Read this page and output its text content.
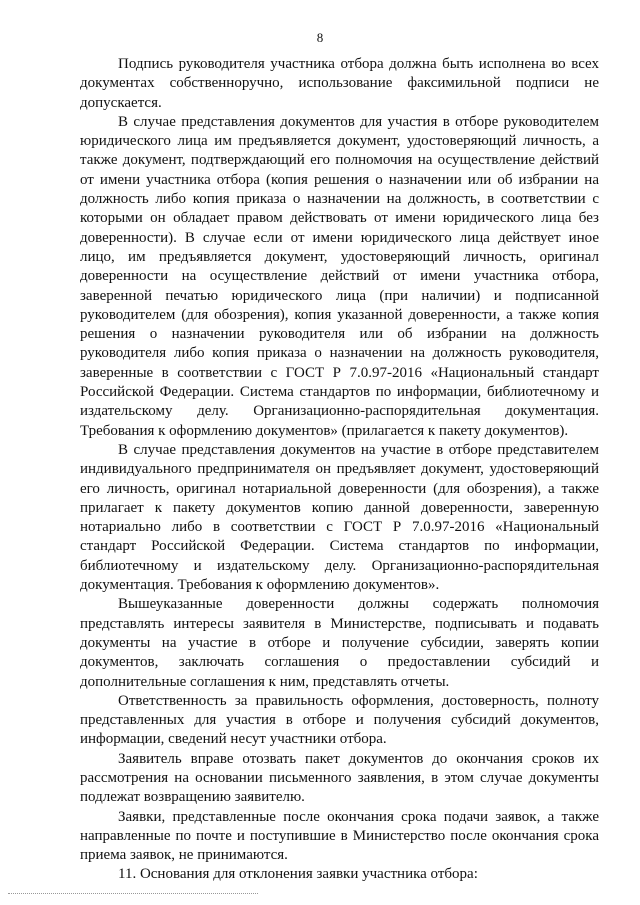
8

Подпись руководителя участника отбора должна быть исполнена во всех документах собственноручно, использование факсимильной подписи не допускается.

В случае представления документов для участия в отборе руководителем юридического лица им предъявляется документ, удостоверяющий личность, а также документ, подтверждающий его полномочия на осуществление действий от имени участника отбора (копия решения о назначении или об избрании на должность либо копия приказа о назначении на должность, в соответствии с которыми он обладает правом действовать от имени юридического лица без доверенности). В случае если от имени юридического лица действует иное лицо, им предъявляется документ, удостоверяющий личность, оригинал доверенности на осуществление действий от имени участника отбора, заверенной печатью юридического лица (при наличии) и подписанной руководителем (для обозрения), копия указанной доверенности, а также копия решения о назначении руководителя или об избрании на должность руководителя либо копия приказа о назначении на должность руководителя, заверенные в соответствии с ГОСТ Р 7.0.97-2016 «Национальный стандарт Российской Федерации. Система стандартов по информации, библиотечному и издательскому делу. Организационно-распорядительная документация. Требования к оформлению документов» (прилагается к пакету документов).

В случае представления документов на участие в отборе представителем индивидуального предпринимателя он предъявляет документ, удостоверяющий его личность, оригинал нотариальной доверенности (для обозрения), а также прилагает к пакету документов копию данной доверенности, заверенную нотариально либо в соответствии с ГОСТ Р 7.0.97-2016 «Национальный стандарт Российской Федерации. Система стандартов по информации, библиотечному и издательскому делу. Организационно-распорядительная документация. Требования к оформлению документов».

Вышеуказанные доверенности должны содержать полномочия представлять интересы заявителя в Министерстве, подписывать и подавать документы на участие в отборе и получение субсидии, заверять копии документов, заключать соглашения о предоставлении субсидий и дополнительные соглашения к ним, представлять отчеты.

Ответственность за правильность оформления, достоверность, полноту представленных для участия в отборе и получения субсидий документов, информации, сведений несут участники отбора.

Заявитель вправе отозвать пакет документов до окончания сроков их рассмотрения на основании письменного заявления, в этом случае документы подлежат возвращению заявителю.

Заявки, представленные после окончания срока подачи заявок, а также направленные по почте и поступившие в Министерство после окончания срока приема заявок, не принимаются.

11. Основания для отклонения заявки участника отбора:
